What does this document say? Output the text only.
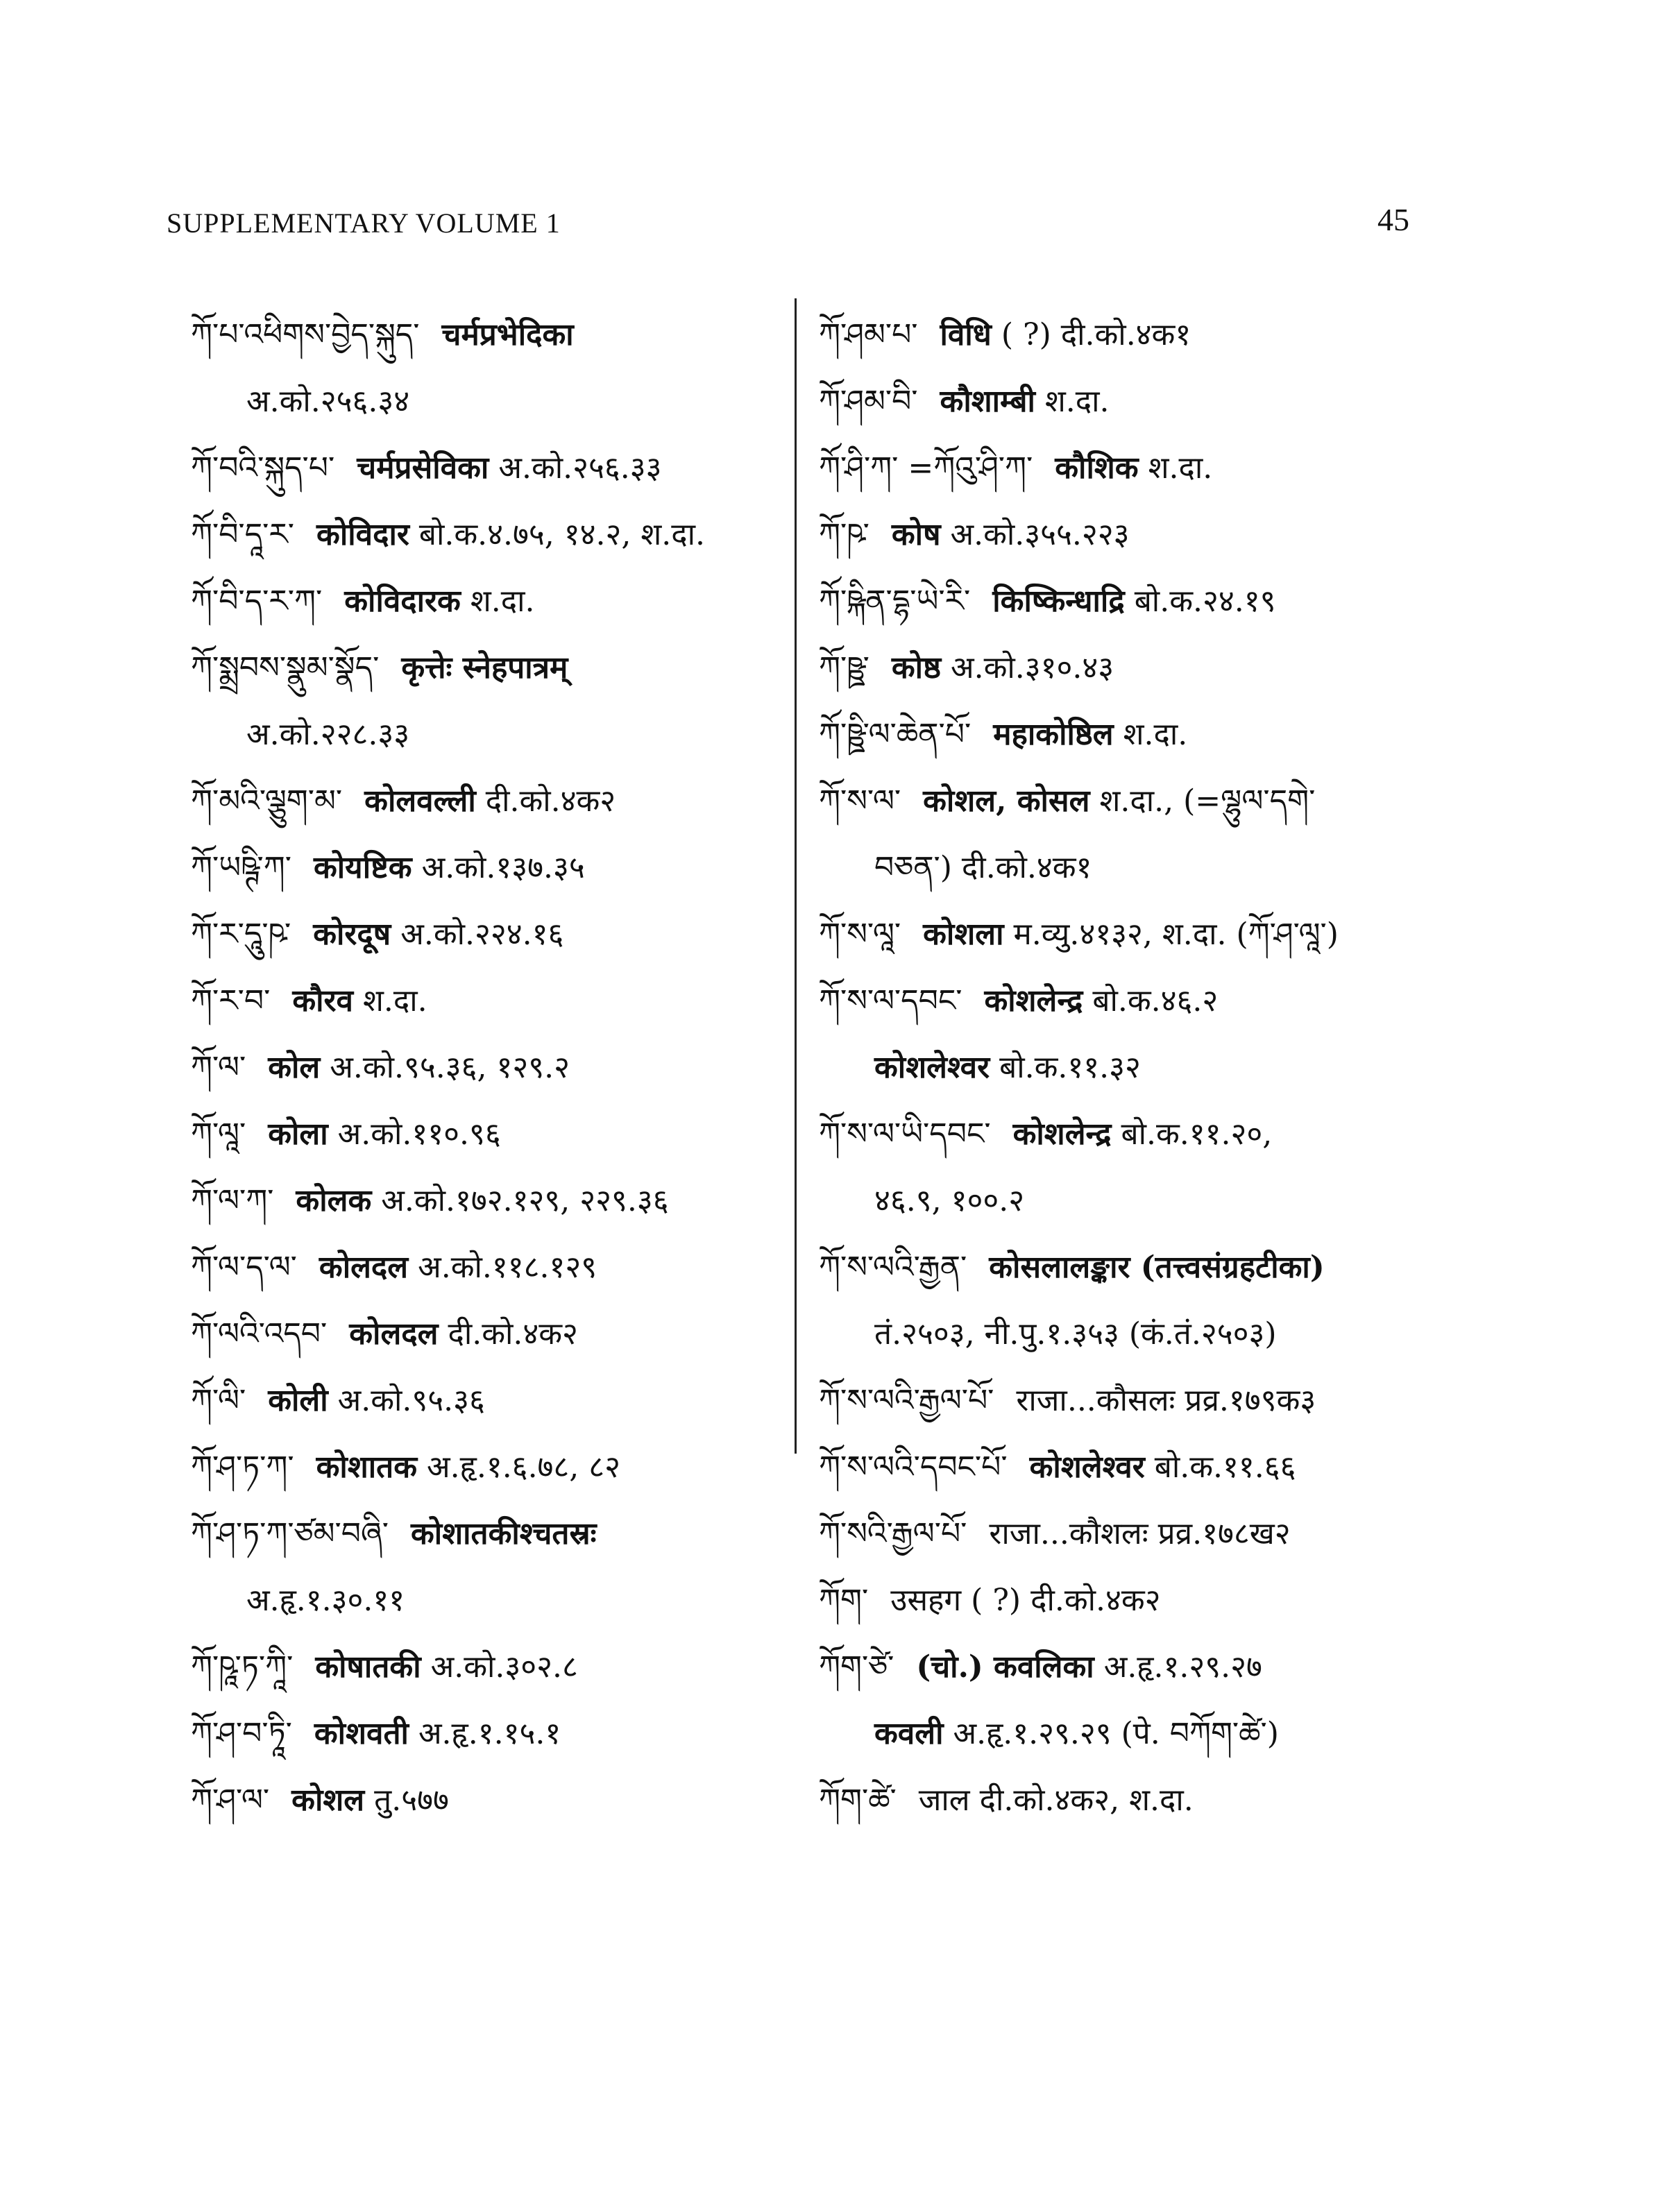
SUPPLEMENTARY VOLUME 1	45
ཀོ་པ་འཕིགས་བྱེད་སྐུད་ चर्मप्रभेदिका
अ.को.२५६.३४
ཀོ་བའི་སྐུད་པ་ चर्मप्रसेविका अ.को.२५६.३३
ཀོ་བི་དཱ་ར་ कोविदार बो.क.४.७५, १४.२, श.दा.
ཀོ་བི་ད་ར་ཀ་ कोविदारक श.दा.
ཀོ་སྨྲབས་སྣུམ་སྣོད་ कृत्तेः स्नेहपात्रम्
अ.को.२२८.३३
ཀོ་མའི་ལྕུག་མ་ कोलवल्ली दी.को.४क२
ཀོ་ཡཥྚི་ཀ་ कोयष्टिक अ.को.१३७.३५
ཀོ་ར་དཱུ་ཥ་ कोरदूष अ.को.२२४.१६
ཀོ་ར་བ་ कौरव श.दा.
ཀོ་ལ་ कोल अ.को.९५.३६, १२९.२
ཀོ་ལཱ་ कोला अ.को.११०.९६
ཀོ་ལ་ཀ་ कोलक अ.को.१७२.१२९, २२९.३६
ཀོ་ལ་ད་ལ་ कोलदल अ.को.११८.१२९
ཀོ་ལའི་འདབ་ कोलदल दी.को.४क२
ཀོ་ལི་ कोली अ.को.९५.३६
ཀོ་ཤ་ཏ་ཀ་ कोशातक अ.हृ.१.६.७८, ८२
ཀོ་ཤ་ཏ་ཀ་ཙམ་བཞི་ कोशातकीश्चतस्रः
अ.हृ.१.३०.११
ཀོ་ཥཱ་ཏ་ཀཱི་ कोषातकी अ.को.३०२.८
ཀོ་ཤ་བ་ཏཱི་ कोशवती अ.हृ.१.१५.१
ཀོ་ཤ་ལ་ कोशल तु.५७७
ཀོ་ཤམ་པ་ विधि ( ?) दी.को.४क१
ཀོ་ཤམ་བི་ कौशाम्बी श.दा.
ཀོ་ཤི་ཀ་ =ཀོའུ་ཤི་ཀ་ कौशिक श.दा.
ཀོ་ཥ་ कोष अ.को.३५५.२२३
ཀོ་ཥྐིན་དྷ་ཡེ་རི་ किष्किन्धाद्रि बो.क.२४.१९
ཀོ་ཥྛ་ कोष्ठ अ.को.३१०.४३
ཀོ་ཥྛི་ལ་ཆེན་པོ་ महाकोष्ठिल श.दा.
ཀོ་ས་ལ་ कोशल, कोसल श.दा., (=ལྷུལ་དགེ་
བཅན་) दी.को.४क१
ཀོ་ས་ལཱ་ कोशला म.व्यु.४१३२, श.दा. (ཀོ་ཤ་ལཱ་)
ཀོ་ས་ལ་དབང་ कोशलेन्द्र बो.क.४६.२
कोशलेश्वर बो.क.११.३२
ཀོ་ས་ལ་ཡི་དབང་ कोशलेन्द्र बो.क.११.२०,
४६.९, १००.२
ཀོ་ས་ལའི་རྒྱན་ कोसलालङ्कार (तत्त्वसंग्रहटीका)
तं.२५०३, नी.पु.१.३५३ (कं.तं.२५०३)
ཀོ་ས་ལའི་རྒྱལ་པོ་ राजा...कौसलः प्रव्र.१७९क३
ཀོ་ས་ལའི་དབང་པོ་ कोशलेश्वर बो.क.११.६६
ཀོ་སའི་རྒྱལ་པོ་ राजा...कौशलः प्रव्र.१७८ख२
ཀོག་ उसहग ( ?) दी.को.४क२
ཀོག་ཙེ་ (चो.) कवलिका अ.हृ.१.२९.२७
कवली अ.हृ.१.२९.२९ (पे. བཀོག་ཚེ་)
ཀོག་ཚེ་ जाल दी.को.४क२, श.दा.
